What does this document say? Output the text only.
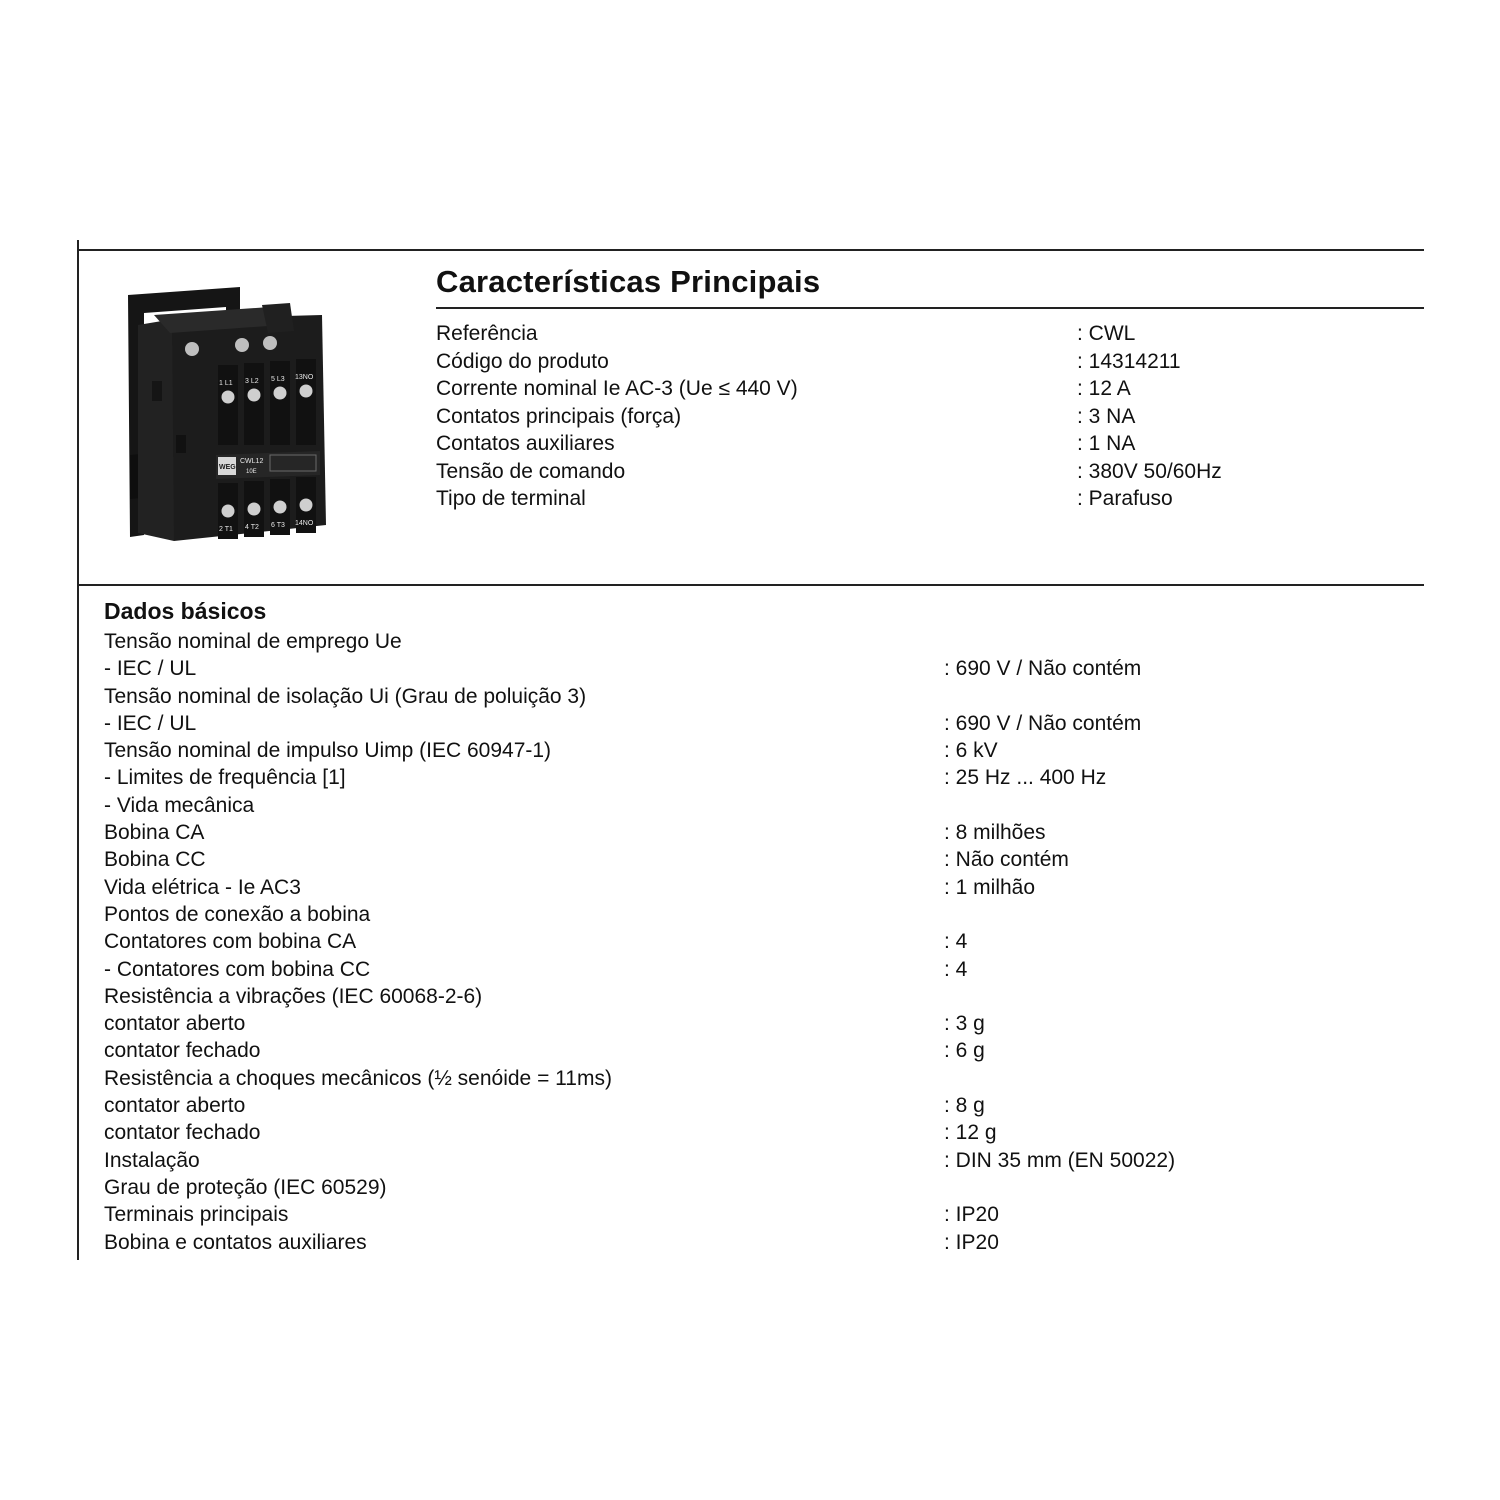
1 L1 3 L2 5 L3 13NO
WEG
CWL12
10E
2 T1 4 T2 6 T3 14NO
Características Principais
Referência	: CWL
Código do produto	: 14314211
Corrente nominal Ie AC-3 (Ue ≤ 440 V)	: 12 A
Contatos principais (força)	: 3 NA
Contatos auxiliares	: 1 NA
Tensão de comando	: 380V 50/60Hz
Tipo de terminal	: Parafuso
Dados básicos
Tensão nominal de emprego Ue
- IEC / UL	: 690 V / Não contém
Tensão nominal de isolação Ui (Grau de poluição 3)
- IEC / UL	: 690 V / Não contém
Tensão nominal de impulso Uimp (IEC 60947-1)	: 6 kV
- Limites de frequência [1]	: 25 Hz ... 400 Hz
- Vida mecânica
Bobina CA	: 8 milhões
Bobina CC	: Não contém
Vida elétrica - Ie AC3	: 1 milhão
Pontos de conexão a bobina
Contatores com bobina CA	: 4
- Contatores com bobina CC	: 4
Resistência a vibrações (IEC 60068-2-6)
contator aberto	: 3 g
contator fechado	: 6 g
Resistência a choques mecânicos (½ senóide = 11ms)
contator aberto	: 8 g
contator fechado	: 12 g
Instalação	: DIN 35 mm (EN 50022)
Grau de proteção (IEC 60529)
Terminais principais	: IP20
Bobina e contatos auxiliares	: IP20
